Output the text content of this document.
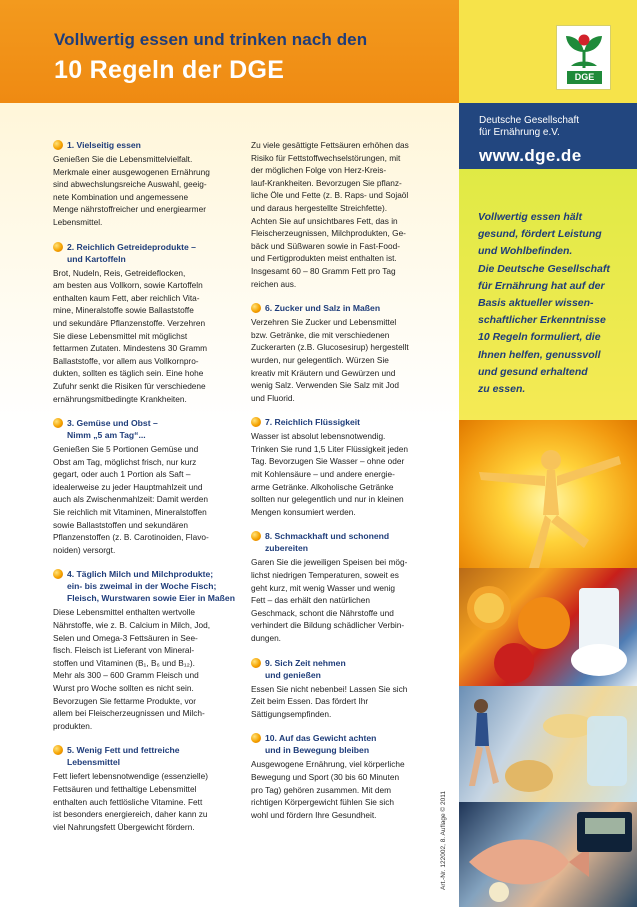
Vollwertig essen und trinken nach den
10 Regeln der DGE
1. Vielseitig essen
Genießen Sie die Lebensmittelvielfalt.
Merkmale einer ausgewogenen Ernährung
sind abwechslungsreiche Auswahl, geeig-
nete Kombination und angemessene
Menge nährstoffreicher und energiearmer
Lebensmittel.
2. Reichlich Getreideprodukte –
und Kartoffeln
Brot, Nudeln, Reis, Getreideflocken,
am besten aus Vollkorn, sowie Kartoffeln
enthalten kaum Fett, aber reichlich Vita-
mine, Mineralstoffe sowie Ballaststoffe
und sekundäre Pflanzenstoffe. Verzehren
Sie diese Lebensmittel mit möglichst
fettarmen Zutaten. Mindestens 30 Gramm
Ballaststoffe, vor allem aus Vollkornpro-
dukten, sollten es täglich sein. Eine hohe
Zufuhr senkt die Risiken für verschiedene
ernährungsmitbedingte Krankheiten.
3. Gemüse und Obst –
Nimm „5 am Tag“...
Genießen Sie 5 Portionen Gemüse und
Obst am Tag, möglichst frisch, nur kurz
gegart, oder auch 1 Portion als Saft –
idealerweise zu jeder Hauptmahlzeit und
auch als Zwischenmahlzeit: Damit werden
Sie reichlich mit Vitaminen, Mineralstoffen
sowie Ballaststoffen und sekundären
Pflanzenstoffen (z. B. Carotinoiden, Flavo-
noiden) versorgt.
4. Täglich Milch und Milchprodukte;
ein- bis zweimal in der Woche Fisch;
Fleisch, Wurstwaren sowie Eier in Maßen
Diese Lebensmittel enthalten wertvolle
Nährstoffe, wie z. B. Calcium in Milch, Jod,
Selen und Omega-3 Fettsäuren in See-
fisch. Fleisch ist Lieferant von Mineral-
stoffen und Vitaminen (B₁, B₆ und B₁₂).
Mehr als 300 – 600 Gramm Fleisch und
Wurst pro Woche sollten es nicht sein.
Bevorzugen Sie fettarme Produkte, vor
allem bei Fleischerzeugnissen und Milch-
produkten.
5. Wenig Fett und fettreiche
Lebensmittel
Fett liefert lebensnotwendige (essenzielle)
Fettsäuren und fetthaltige Lebensmittel
enthalten auch fettlösliche Vitamine. Fett
ist besonders energiereich, daher kann zu
viel Nahrungsfett Übergewicht fördern.
Zu viele gesättigte Fettsäuren erhöhen das
Risiko für Fettstoffwechselstörungen, mit
der möglichen Folge von Herz-Kreis-
lauf-Krankheiten. Bevorzugen Sie pflanz-
liche Öle und Fette (z. B. Raps- und Sojaöl
und daraus hergestellte Streichfette).
Achten Sie auf unsichtbares Fett, das in
Fleischerzeugnissen, Milchprodukten, Ge-
bäck und Süßwaren sowie in Fast-Food-
und Fertigprodukten meist enthalten ist.
Insgesamt 60 – 80 Gramm Fett pro Tag
reichen aus.
6. Zucker und Salz in Maßen
Verzehren Sie Zucker und Lebensmittel
bzw. Getränke, die mit verschiedenen
Zuckerarten (z.B. Glucosesirup) hergestellt
wurden, nur gelegentlich. Würzen Sie
kreativ mit Kräutern und Gewürzen und
wenig Salz. Verwenden Sie Salz mit Jod
und Fluorid.
7. Reichlich Flüssigkeit
Wasser ist absolut lebensnotwendig.
Trinken Sie rund 1,5 Liter Flüssigkeit jeden
Tag. Bevorzugen Sie Wasser – ohne oder
mit Kohlensäure – und andere energie-
arme Getränke. Alkoholische Getränke
sollten nur gelegentlich und nur in kleinen
Mengen konsumiert werden.
8. Schmackhaft und schonend
zubereiten
Garen Sie die jeweiligen Speisen bei mög-
lichst niedrigen Temperaturen, soweit es
geht kurz, mit wenig Wasser und wenig
Fett – das erhält den natürlichen
Geschmack, schont die Nährstoffe und
verhindert die Bildung schädlicher Verbin-
dungen.
9. Sich Zeit nehmen
und genießen
Essen Sie nicht nebenbei! Lassen Sie sich
Zeit beim Essen. Das fördert Ihr
Sättigungsempfinden.
10. Auf das Gewicht achten
und in Bewegung bleiben
Ausgewogene Ernährung, viel körperliche
Bewegung und Sport (30 bis 60 Minuten
pro Tag) gehören zusammen. Mit dem
richtigen Körpergewicht fühlen Sie sich
wohl und fördern Ihre Gesundheit.	Art.-Nr. 122002, 8. Auflage © 2011
DGE
Deutsche Gesellschaft
für Ernährung e.V.
www.dge.de
Vollwertig essen hält
gesund, fördert Leistung
und Wohlbefinden.
Die Deutsche Gesellschaft
für Ernährung hat auf der
Basis aktueller wissen-
schaftlicher Erkenntnisse
10 Regeln formuliert, die
Ihnen helfen, genussvoll
und gesund erhaltend
zu essen.
